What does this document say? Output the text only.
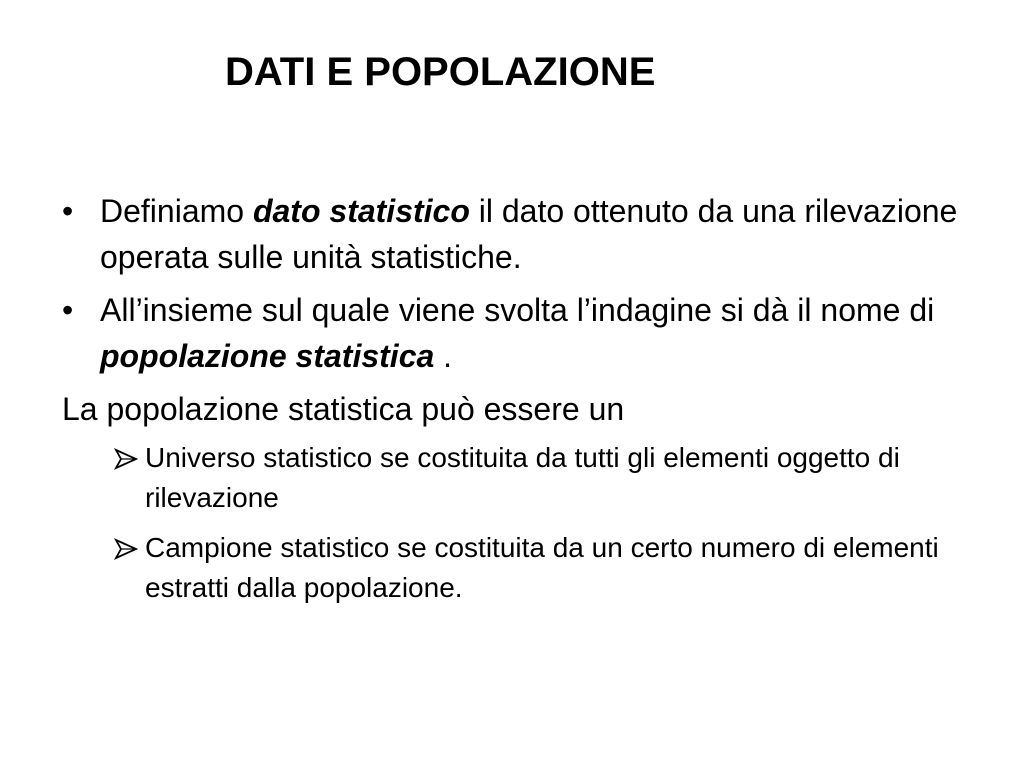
DATI E POPOLAZIONE
• Definiamo dato statistico il dato ottenuto da una rilevazione operata sulle unità statistiche.
• All’insieme sul quale viene svolta l’indagine si dà il nome di popolazione statistica .
La popolazione statistica può essere un
Universo statistico se costituita da tutti gli elementi oggetto di rilevazione
Campione statistico se costituita da un certo numero di elementi estratti dalla popolazione.
